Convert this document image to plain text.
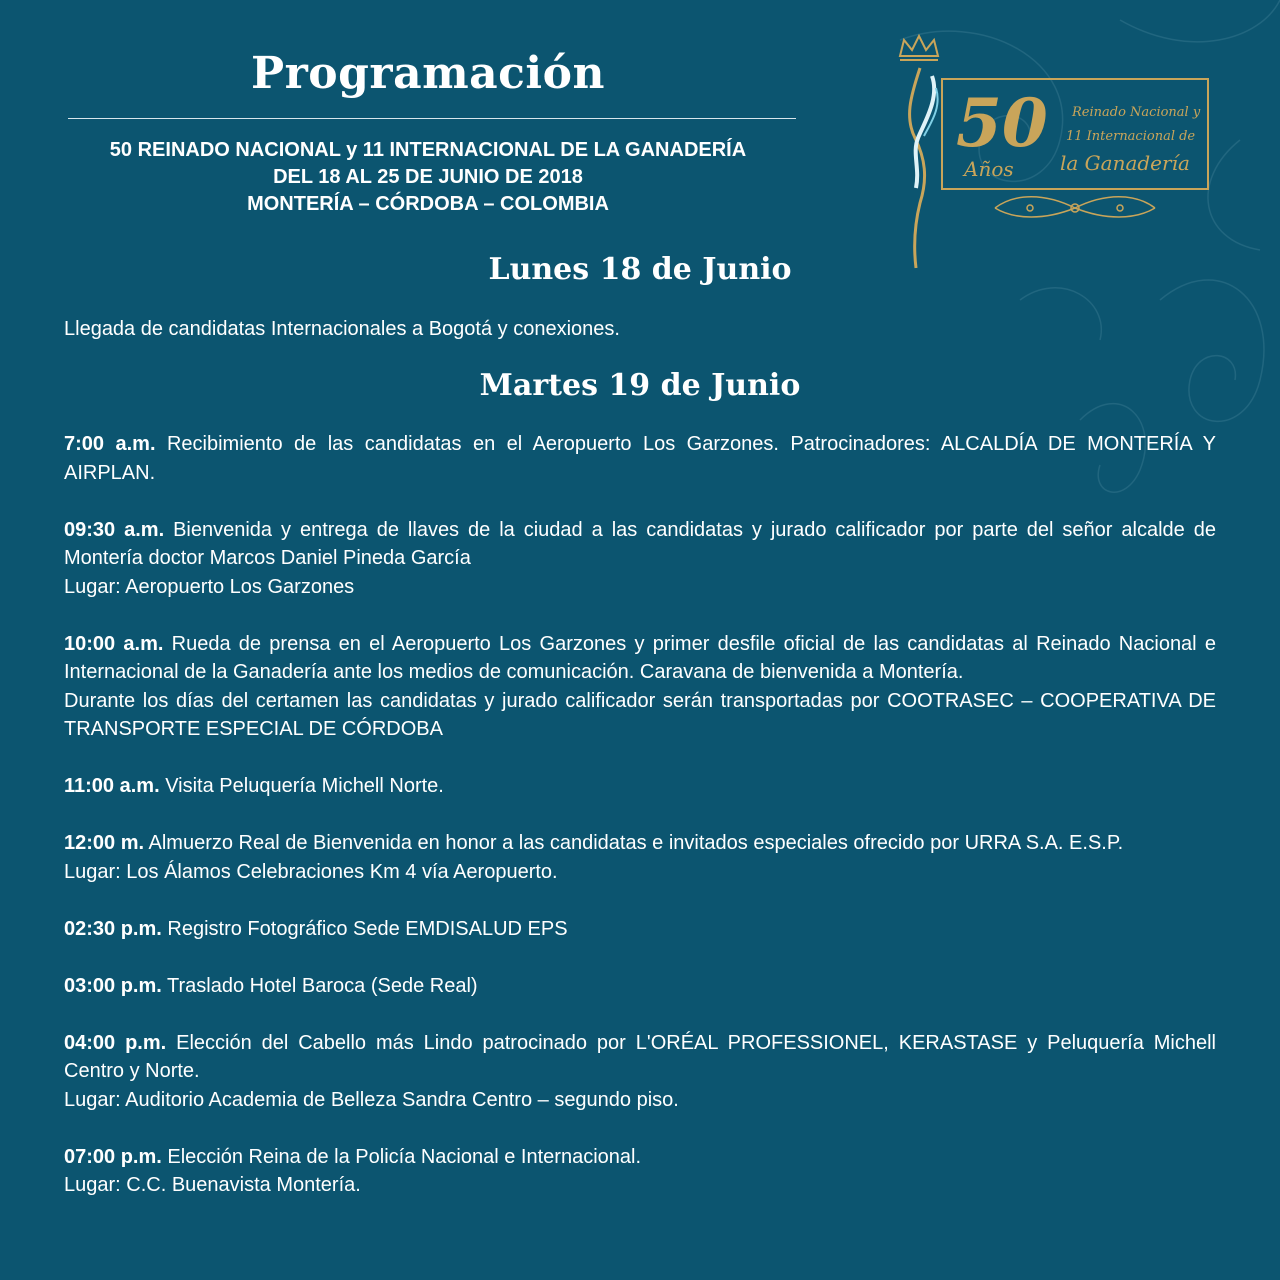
Programación
50 REINADO NACIONAL y 11 INTERNACIONAL DE LA GANADERÍA
DEL 18 AL 25 DE JUNIO DE 2018
MONTERÍA – CÓRDOBA – COLOMBIA
50
Años
Reinado Nacional y
11 Internacional de
la Ganadería
Lunes 18 de Junio
Llegada de candidatas Internacionales a Bogotá y conexiones.
Martes 19 de Junio

7:00 a.m. Recibimiento de las candidatas en el Aeropuerto Los Garzones. Patrocinadores: ALCALDÍA DE MONTERÍA Y AIRPLAN.

09:30 a.m. Bienvenida y entrega de llaves de la ciudad a las candidatas y jurado calificador por parte del señor alcalde de Montería doctor Marcos Daniel Pineda García

Lugar: Aeropuerto Los Garzones

10:00 a.m. Rueda de prensa en el Aeropuerto Los Garzones y primer desfile oficial de las candidatas al Reinado Nacional e Internacional de la Ganadería ante los medios de comunicación. Caravana de bienvenida a Montería.

Durante los días del certamen las candidatas y jurado calificador serán transportadas por COOTRASEC – COOPERATIVA DE TRANSPORTE ESPECIAL DE CÓRDOBA

11:00 a.m. Visita Peluquería Michell Norte.

12:00 m. Almuerzo Real de Bienvenida en honor a las candidatas e invitados especiales ofrecido por URRA S.A. E.S.P.

Lugar: Los Álamos Celebraciones Km 4 vía Aeropuerto.

02:30 p.m. Registro Fotográfico Sede EMDISALUD EPS

03:00 p.m. Traslado Hotel Baroca (Sede Real)

04:00 p.m. Elección del Cabello más Lindo patrocinado por L'ORÉAL PROFESSIONEL, KERASTASE y Peluquería Michell Centro y Norte.

Lugar: Auditorio Academia de Belleza Sandra Centro – segundo piso.

07:00 p.m. Elección Reina de la Policía Nacional e Internacional.

Lugar: C.C. Buenavista Montería.
